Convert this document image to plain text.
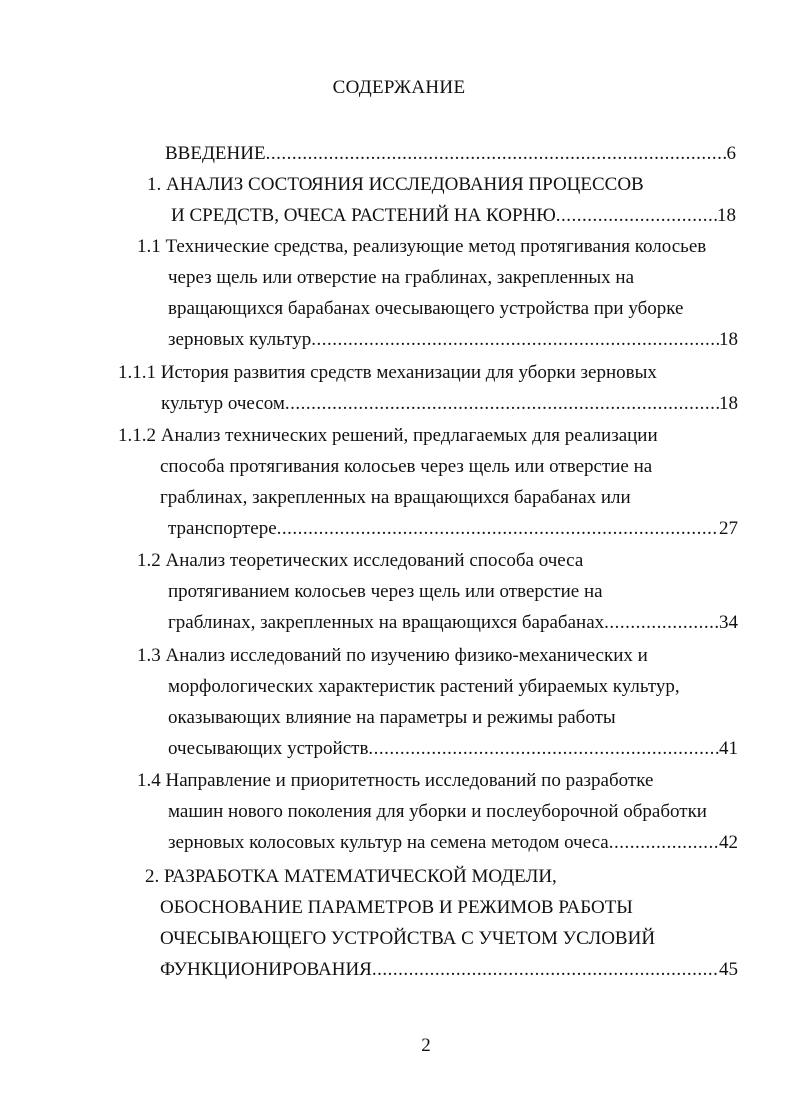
СОДЕРЖАНИЕ
ВВЕДЕНИЕ .....	6
1. АНАЛИЗ СОСТОЯНИЯ ИССЛЕДОВАНИЯ ПРОЦЕССОВ
И СРЕДСТВ, ОЧЕСА РАСТЕНИЙ НА КОРНЮ .....	18
1.1 Технические средства, реализующие метод протягивания колосьев
через щель или отверстие на граблинах, закрепленных на
вращающихся барабанах очесывающего устройства при уборке
зерновых культур .....	18
1.1.1 История развития средств механизации для уборки зерновых
культур очесом .....	18
1.1.2 Анализ технических решений, предлагаемых для реализации
способа протягивания колосьев через щель или отверстие на
граблинах, закрепленных на вращающихся барабанах или
транспортере .....	27
1.2 Анализ теоретических исследований способа очеса
протягиванием колосьев через щель или отверстие на
граблинах, закрепленных на вращающихся барабанах .....	34
1.3 Анализ исследований по изучению физико-механических и
морфологических характеристик растений убираемых культур,
оказывающих влияние на параметры и режимы работы
очесывающих устройств .....	41
1.4 Направление и приоритетность исследований по разработке
машин нового поколения для уборки и послеуборочной обработки
зерновых колосовых культур на семена методом очеса .....	42
2. РАЗРАБОТКА МАТЕМАТИЧЕСКОЙ МОДЕЛИ,
ОБОСНОВАНИЕ ПАРАМЕТРОВ И РЕЖИМОВ РАБОТЫ
ОЧЕСЫВАЮЩЕГО УСТРОЙСТВА С УЧЕТОМ УСЛОВИЙ
ФУНКЦИОНИРОВАНИЯ .....	45
2
